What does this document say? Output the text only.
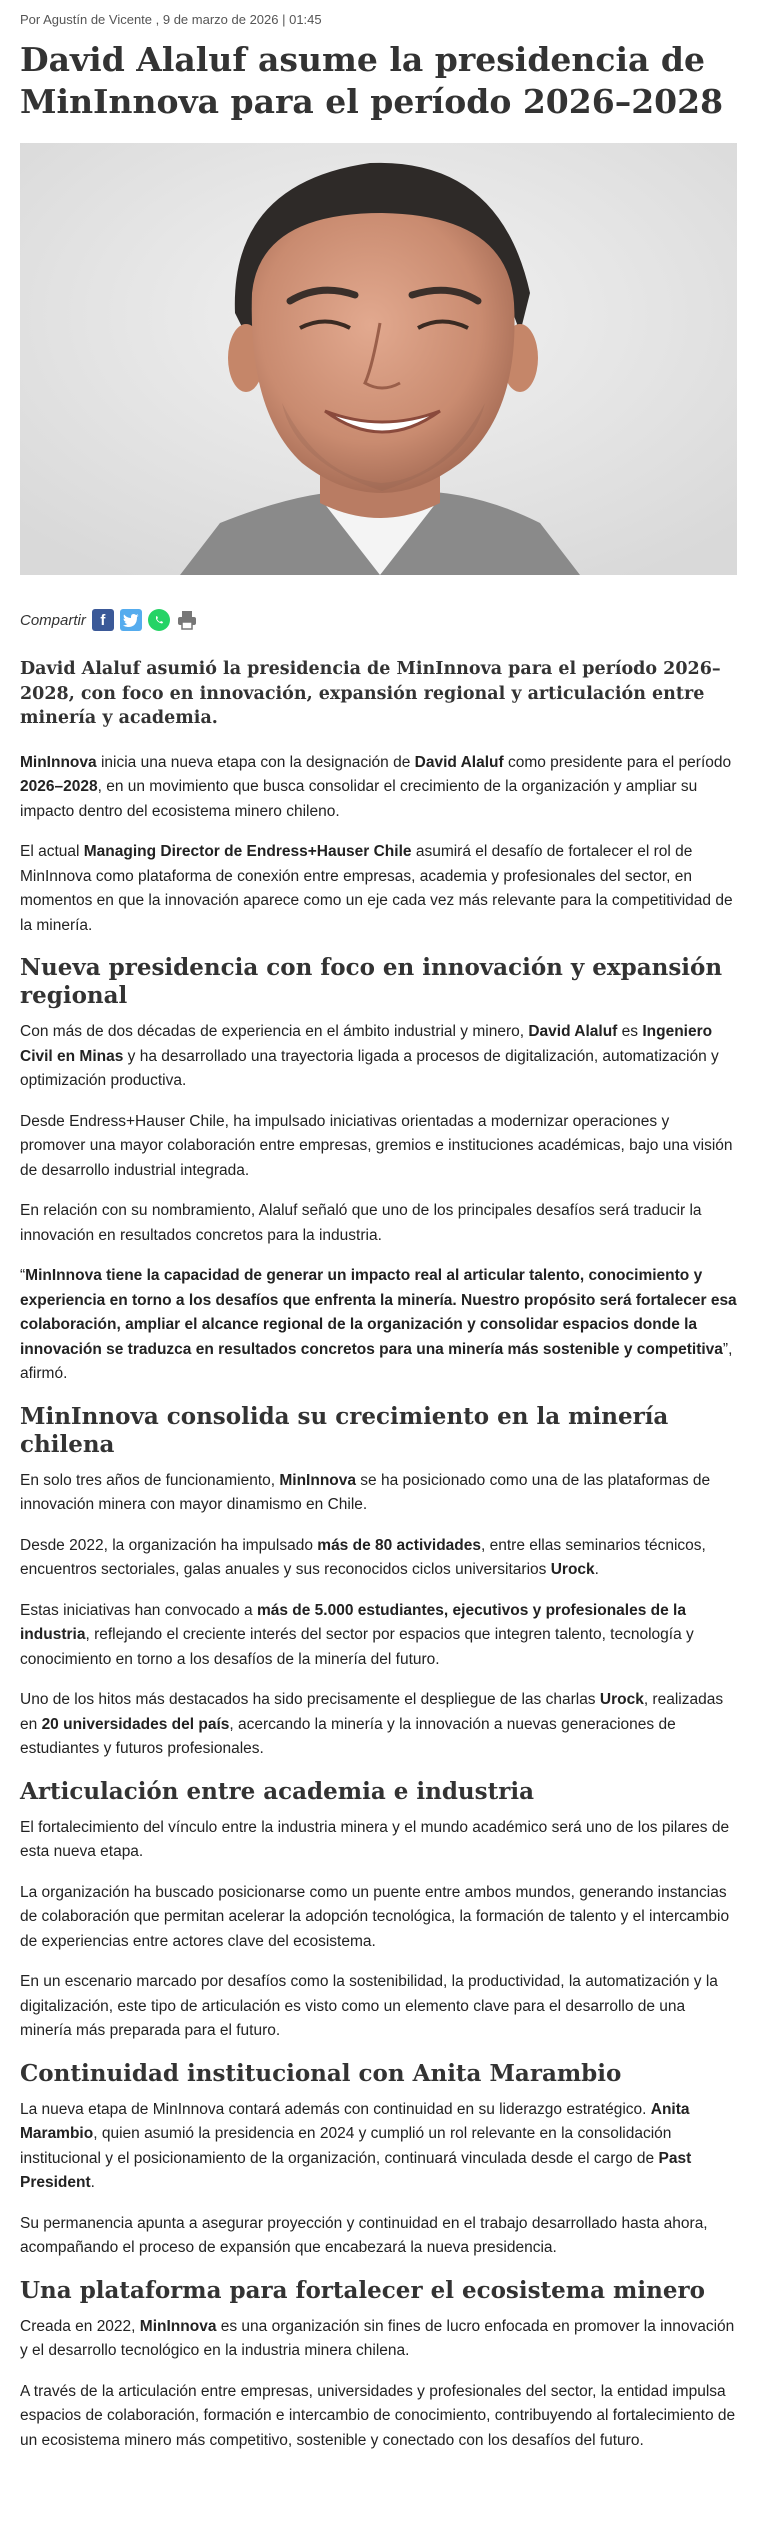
Por Agustín de Vicente , 9 de marzo de 2026 | 01:45
David Alaluf asume la presidencia de MinInnova para el período 2026–2028
Compartir f

David Alaluf asumió la presidencia de MinInnova para el período 2026–2028, con foco en innovación, expansión regional y articulación entre minería y academia.

MinInnova inicia una nueva etapa con la designación de David Alaluf como presidente para el período 2026–2028, en un movimiento que busca consolidar el crecimiento de la organización y ampliar su impacto dentro del ecosistema minero chileno.

El actual Managing Director de Endress+Hauser Chile asumirá el desafío de fortalecer el rol de MinInnova como plataforma de conexión entre empresas, academia y profesionales del sector, en momentos en que la innovación aparece como un eje cada vez más relevante para la competitividad de la minería.

Nueva presidencia con foco en innovación y expansión regional

Con más de dos décadas de experiencia en el ámbito industrial y minero, David Alaluf es Ingeniero Civil en Minas y ha desarrollado una trayectoria ligada a procesos de digitalización, automatización y optimización productiva.

Desde Endress+Hauser Chile, ha impulsado iniciativas orientadas a modernizar operaciones y promover una mayor colaboración entre empresas, gremios e instituciones académicas, bajo una visión de desarrollo industrial integrada.

En relación con su nombramiento, Alaluf señaló que uno de los principales desafíos será traducir la innovación en resultados concretos para la industria.

“MinInnova tiene la capacidad de generar un impacto real al articular talento, conocimiento y experiencia en torno a los desafíos que enfrenta la minería. Nuestro propósito será fortalecer esa colaboración, ampliar el alcance regional de la organización y consolidar espacios donde la innovación se traduzca en resultados concretos para una minería más sostenible y competitiva”, afirmó.

MinInnova consolida su crecimiento en la minería chilena

En solo tres años de funcionamiento, MinInnova se ha posicionado como una de las plataformas de innovación minera con mayor dinamismo en Chile.

Desde 2022, la organización ha impulsado más de 80 actividades, entre ellas seminarios técnicos, encuentros sectoriales, galas anuales y sus reconocidos ciclos universitarios Urock.

Estas iniciativas han convocado a más de 5.000 estudiantes, ejecutivos y profesionales de la industria, reflejando el creciente interés del sector por espacios que integren talento, tecnología y conocimiento en torno a los desafíos de la minería del futuro.

Uno de los hitos más destacados ha sido precisamente el despliegue de las charlas Urock, realizadas en 20 universidades del país, acercando la minería y la innovación a nuevas generaciones de estudiantes y futuros profesionales.

Articulación entre academia e industria

El fortalecimiento del vínculo entre la industria minera y el mundo académico será uno de los pilares de esta nueva etapa.

La organización ha buscado posicionarse como un puente entre ambos mundos, generando instancias de colaboración que permitan acelerar la adopción tecnológica, la formación de talento y el intercambio de experiencias entre actores clave del ecosistema.

En un escenario marcado por desafíos como la sostenibilidad, la productividad, la automatización y la digitalización, este tipo de articulación es visto como un elemento clave para el desarrollo de una minería más preparada para el futuro.

Continuidad institucional con Anita Marambio

La nueva etapa de MinInnova contará además con continuidad en su liderazgo estratégico. Anita Marambio, quien asumió la presidencia en 2024 y cumplió un rol relevante en la consolidación institucional y el posicionamiento de la organización, continuará vinculada desde el cargo de Past President.

Su permanencia apunta a asegurar proyección y continuidad en el trabajo desarrollado hasta ahora, acompañando el proceso de expansión que encabezará la nueva presidencia.

Una plataforma para fortalecer el ecosistema minero

Creada en 2022, MinInnova es una organización sin fines de lucro enfocada en promover la innovación y el desarrollo tecnológico en la industria minera chilena.

A través de la articulación entre empresas, universidades y profesionales del sector, la entidad impulsa espacios de colaboración, formación e intercambio de conocimiento, contribuyendo al fortalecimiento de un ecosistema minero más competitivo, sostenible y conectado con los desafíos del futuro.
